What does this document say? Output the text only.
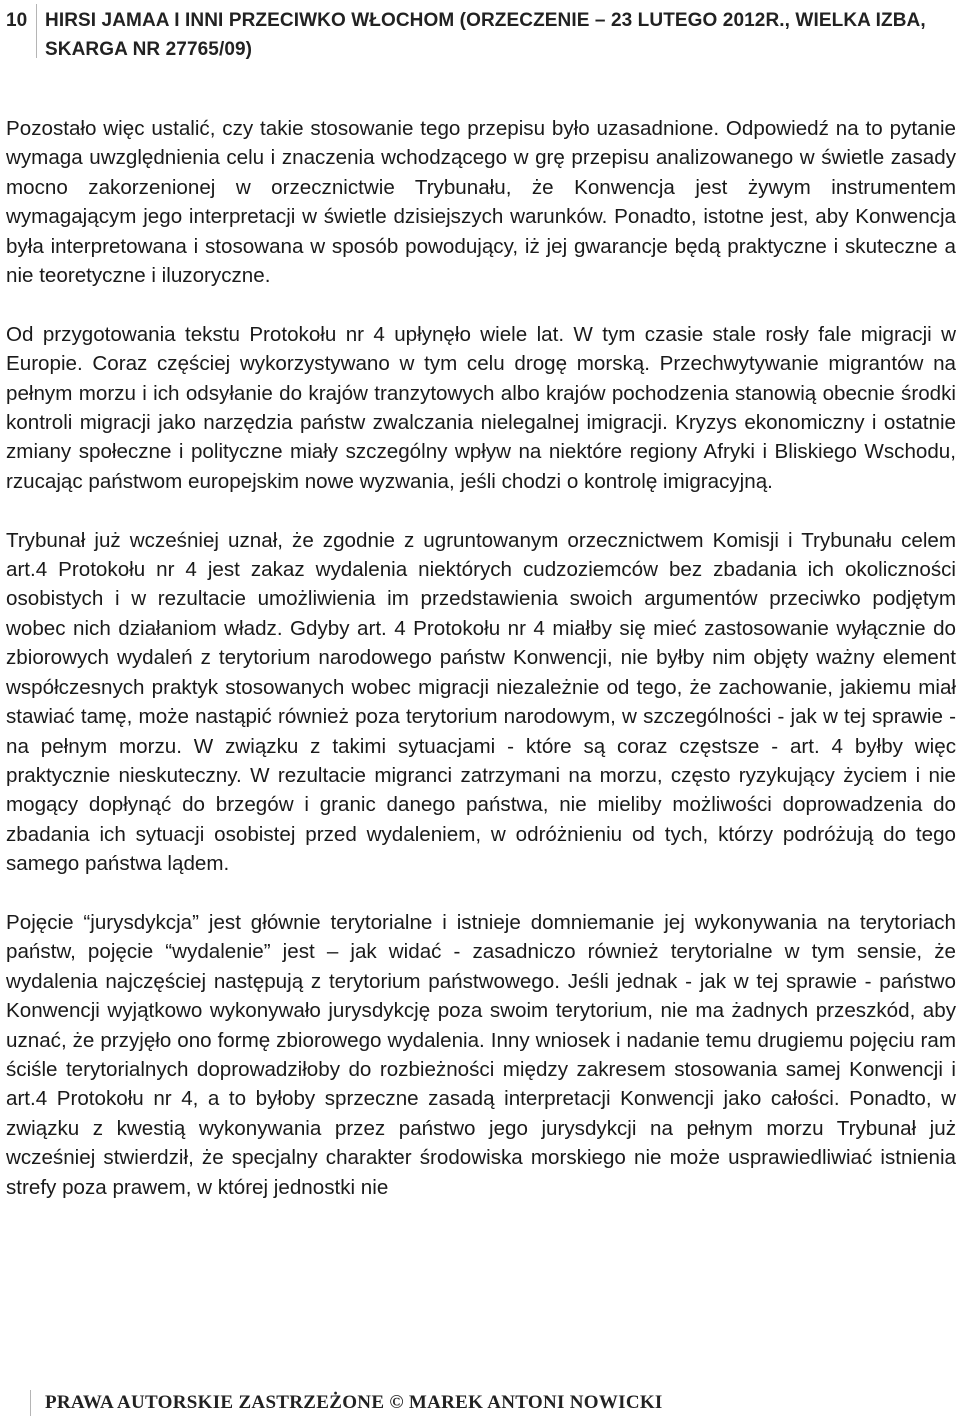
10 HIRSI JAMAA I INNI PRZECIWKO WŁOCHOM (ORZECZENIE – 23 LUTEGO 2012R., WIELKA IZBA, SKARGA NR 27765/09)

Pozostało więc ustalić, czy takie stosowanie tego przepisu było uzasadnione. Odpowiedź na to pytanie wymaga uwzględnienia celu i znaczenia wchodzącego w grę przepisu analizowanego w świetle zasady mocno zakorzenionej w orzecznictwie Trybunału, że Konwencja jest żywym instrumentem wymagającym jego interpretacji w świetle dzisiejszych warunków. Ponadto, istotne jest, aby Konwencja była interpretowana i stosowana w sposób powodujący, iż jej gwarancje będą praktyczne i skuteczne a nie teoretyczne i iluzoryczne.

Od przygotowania tekstu Protokołu nr 4 upłynęło wiele lat. W tym czasie stale rosły fale migracji w Europie. Coraz częściej wykorzystywano w tym celu drogę morską. Przechwytywanie migrantów na pełnym morzu i ich odsyłanie do krajów tranzytowych albo krajów pochodzenia stanowią obecnie środki kontroli migracji jako narzędzia państw zwalczania nielegalnej imigracji. Kryzys ekonomiczny i ostatnie zmiany społeczne i polityczne miały szczególny wpływ na niektóre regiony Afryki i Bliskiego Wschodu, rzucając państwom europejskim nowe wyzwania, jeśli chodzi o kontrolę imigracyjną.

Trybunał już wcześniej uznał, że zgodnie z ugruntowanym orzecznictwem Komisji i Trybunału celem art.4 Protokołu nr 4 jest zakaz wydalenia niektórych cudzoziemców bez zbadania ich okoliczności osobistych i w rezultacie umożliwienia im przedstawienia swoich argumentów przeciwko podjętym wobec nich działaniom władz. Gdyby art. 4 Protokołu nr 4 miałby się mieć zastosowanie wyłącznie do zbiorowych wydaleń z terytorium narodowego państw Konwencji, nie byłby nim objęty ważny element współczesnych praktyk stosowanych wobec migracji niezależnie od tego, że zachowanie, jakiemu miał stawiać tamę, może nastąpić również poza terytorium narodowym, w szczególności - jak w tej sprawie - na pełnym morzu. W związku z takimi sytuacjami - które są coraz częstsze - art. 4 byłby więc praktycznie nieskuteczny. W rezultacie migranci zatrzymani na morzu, często ryzykujący życiem i nie mogący dopłynąć do brzegów i granic danego państwa, nie mieliby możliwości doprowadzenia do zbadania ich sytuacji osobistej przed wydaleniem, w odróżnieniu od tych, którzy podróżują do tego samego państwa lądem.

Pojęcie “jurysdykcja” jest głównie terytorialne i istnieje domniemanie jej wykonywania na terytoriach państw, pojęcie “wydalenie” jest – jak widać - zasadniczo również terytorialne w tym sensie, że wydalenia najczęściej następują z terytorium państwowego. Jeśli jednak - jak w tej sprawie - państwo Konwencji wyjątkowo wykonywało jurysdykcję poza swoim terytorium, nie ma żadnych przeszkód, aby uznać, że przyjęło ono formę zbiorowego wydalenia. Inny wniosek i nadanie temu drugiemu pojęciu ram ściśle terytorialnych doprowadziłoby do rozbieżności między zakresem stosowania samej Konwencji i art.4 Protokołu nr 4, a to byłoby sprzeczne zasadą interpretacji Konwencji jako całości. Ponadto, w związku z kwestią wykonywania przez państwo jego jurysdykcji na pełnym morzu Trybunał już wcześniej stwierdził, że specjalny charakter środowiska morskiego nie może usprawiedliwiać istnienia strefy poza prawem, w której jednostki nie

PRAWA AUTORSKIE ZASTRZEŻONE © MAREK ANTONI NOWICKI
